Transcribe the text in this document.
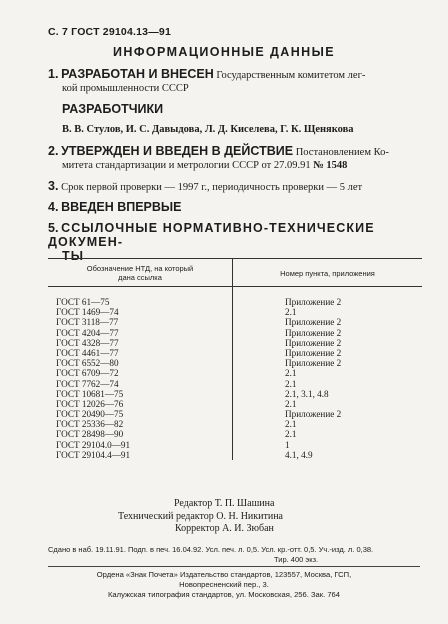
С. 7 ГОСТ 29104.13—91
ИНФОРМАЦИОННЫЕ ДАННЫЕ
1. РАЗРАБОТАН И ВНЕСЕН Государственным комитетом лег-
кой промышленности СССР
РАЗРАБОТЧИКИ
В. В. Стулов, И. С. Давыдова, Л. Д. Киселева, Г. К. Щенякова
2. УТВЕРЖДЕН И ВВЕДЕН В ДЕЙСТВИЕ Постановлением Ко-
митета стандартизации и метрологии СССР от 27.09.91 № 1548
3. Срок первой проверки — 1997 г., периодичность проверки — 5 лет
4. ВВЕДЕН ВПЕРВЫЕ
5. ССЫЛОЧНЫЕ НОРМАТИВНО-ТЕХНИЧЕСКИЕ ДОКУМЕН-
ТЫ
Обозначение НТД, на который
дана ссылка	Номер пункта, приложения
ГОСТ 61—75	Приложение 2
ГОСТ 1469—74	2.1
ГОСТ 3118—77	Приложение 2
ГОСТ 4204—77	Приложение 2
ГОСТ 4328—77	Приложение 2
ГОСТ 4461—77	Приложение 2
ГОСТ 6552—80	Приложение 2
ГОСТ 6709—72	2.1
ГОСТ 7762—74	2.1
ГОСТ 10681—75	2.1, 3.1, 4.8
ГОСТ 12026—76	2.1
ГОСТ 20490—75	Приложение 2
ГОСТ 25336—82	2.1
ГОСТ 28498—90	2.1
ГОСТ 29104.0—91	1
ГОСТ 29104.4—91	4.1, 4.9
Редактор Т. П. Шашина
Технический редактор О. Н. Никитина
Корректор А. И. Зюбан
Сдано в наб. 19.11.91. Подп. в печ. 16.04.92. Усл. печ. л. 0,5. Усл. кр.-отт. 0,5. Уч.-изд. л. 0,38.
Тир. 400 экз.
Ордена «Знак Почета» Издательство стандартов, 123557, Москва, ГСП,
Новопресненский пер., 3.
Калужская типография стандартов, ул. Московская, 256. Зак. 764
